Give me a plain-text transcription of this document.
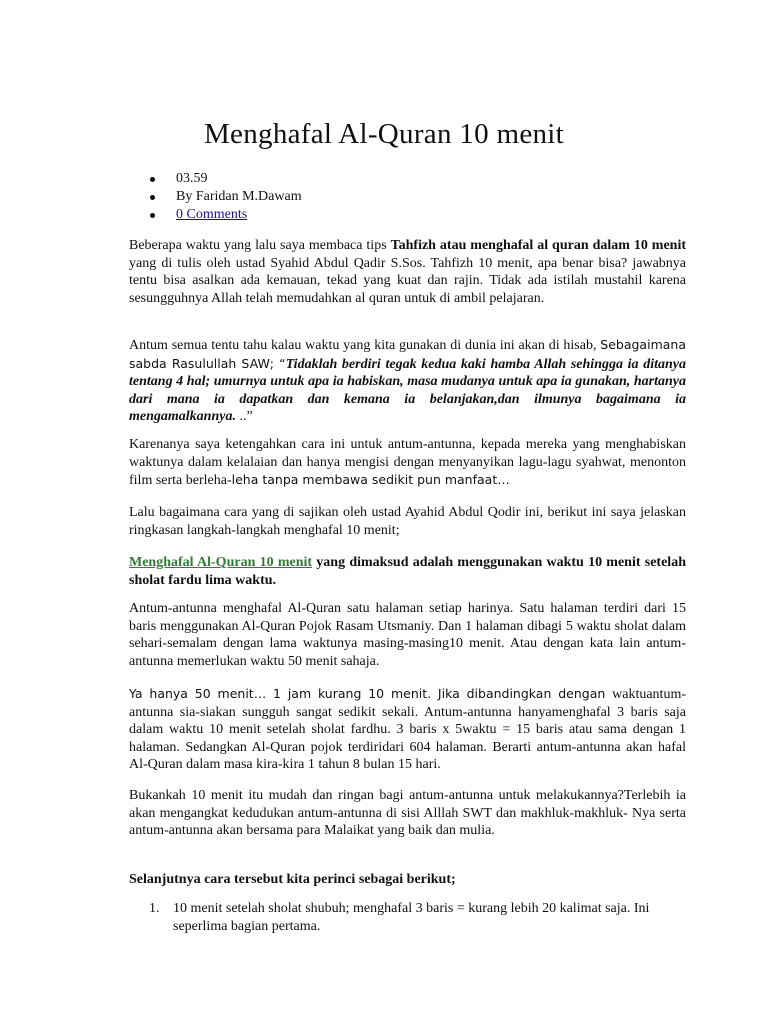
Menghafal Al-Quran 10 menit
03.59
By Faridan M.Dawam
0 Comments

Beberapa waktu yang lalu saya membaca tips Tahfizh atau menghafal al quran dalam 10 menit yang di tulis oleh ustad Syahid Abdul Qadir S.Sos. Tahfizh 10 menit, apa benar bisa? jawabnya tentu bisa asalkan ada kemauan, tekad yang kuat dan rajin. Tidak ada istilah mustahil karena sesungguhnya Allah telah memudahkan al quran untuk di ambil pelajaran.

Antum semua tentu tahu kalau waktu yang kita gunakan di dunia ini akan di hisab, Sebagaimana sabda Rasulullah SAW; “Tidaklah berdiri tegak kedua kaki hamba Allah sehingga ia ditanya tentang 4 hal; umurnya untuk apa ia habiskan, masa mudanya untuk apa ia gunakan, hartanya dari mana ia dapatkan dan kemana ia belanjakan,dan ilmunya bagaimana ia mengamalkannya. ..”

Karenanya saya ketengahkan cara ini untuk antum-antunna, kepada mereka yang menghabiskan waktunya dalam kelalaian dan hanya mengisi dengan menyanyikan lagu-lagu syahwat, menonton film serta berleha-leha tanpa membawa sedikit pun manfaat…

Lalu bagaimana cara yang di sajikan oleh ustad Ayahid Abdul Qodir ini, berikut ini saya jelaskan ringkasan langkah-langkah menghafal 10 menit;

Menghafal Al-Quran 10 menit yang dimaksud adalah menggunakan waktu 10 menit setelah sholat fardu lima waktu.

Antum-antunna menghafal Al-Quran satu halaman setiap harinya. Satu halaman terdiri dari 15 baris menggunakan Al-Quran Pojok Rasam Utsmaniy. Dan 1 halaman dibagi 5 waktu sholat dalam sehari-semalam dengan lama waktunya masing-masing10 menit. Atau dengan kata lain antum-antunna memerlukan waktu 50 menit sahaja.

Ya hanya 50 menit… 1 jam kurang 10 menit. Jika dibandingkan dengan waktuantum-antunna sia-siakan sungguh sangat sedikit sekali. Antum-antunna hanyamenghafal 3 baris saja dalam waktu 10 menit setelah sholat fardhu. 3 baris x 5waktu = 15 baris atau sama dengan 1 halaman. Sedangkan Al-Quran pojok terdiridari 604 halaman. Berarti antum-antunna akan hafal Al-Quran dalam masa kira-kira 1 tahun 8 bulan 15 hari.

Bukankah 10 menit itu mudah dan ringan bagi antum-antunna untuk melakukannya?Terlebih ia akan mengangkat kedudukan antum-antunna di sisi Alllah SWT dan makhluk-makhluk- Nya serta antum-antunna akan bersama para Malaikat yang baik dan mulia.

Selanjutnya cara tersebut kita perinci sebagai berikut;

1. 10 menit setelah sholat shubuh; menghafal 3 baris = kurang lebih 20 kalimat saja. Ini seperlima bagian pertama.
